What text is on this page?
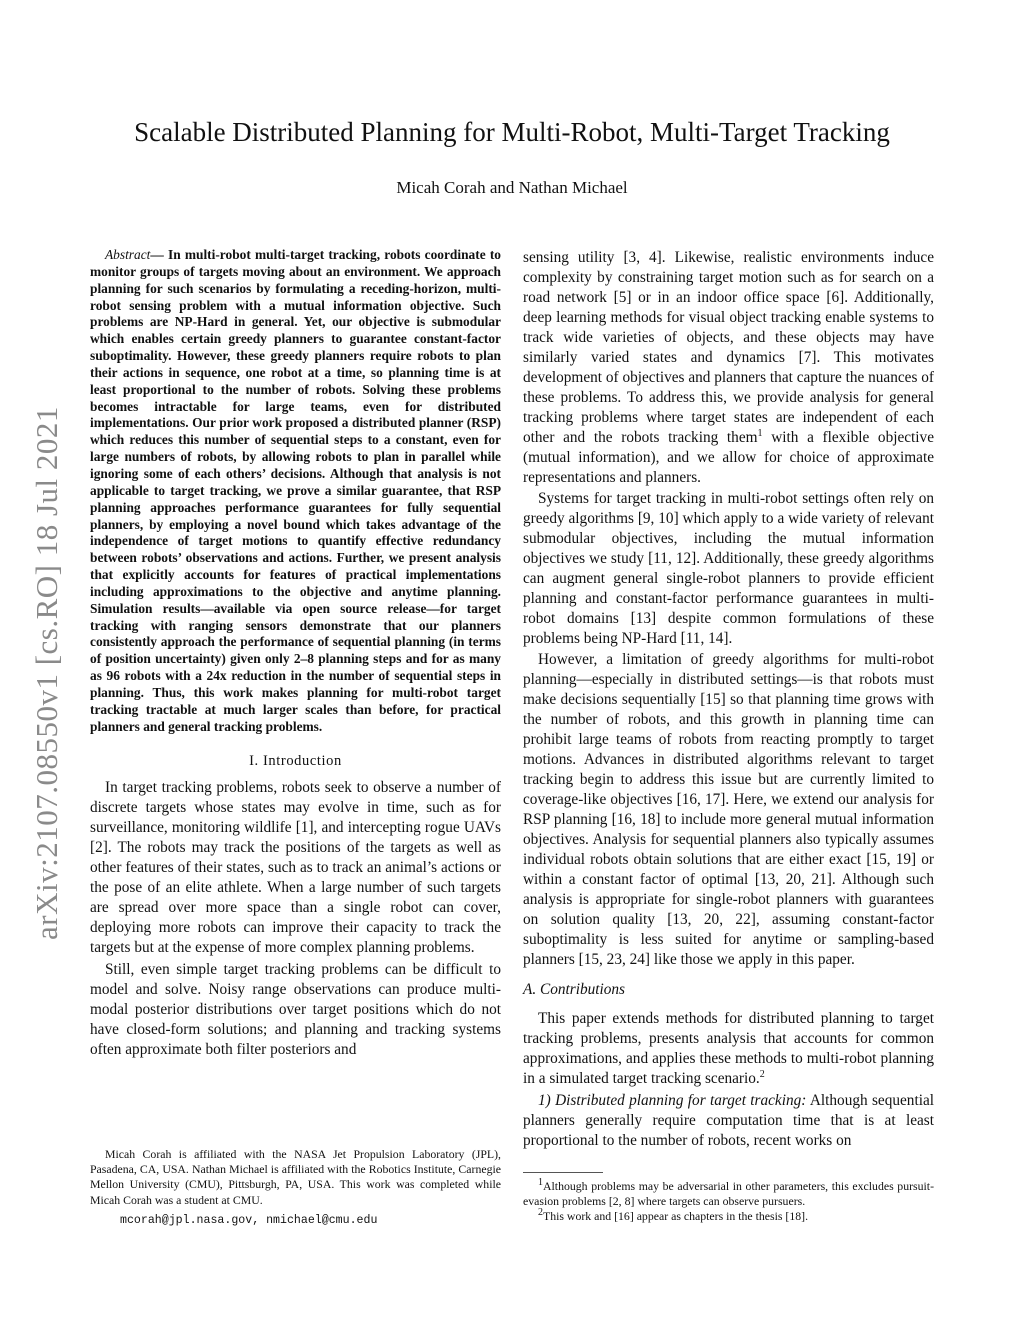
arXiv:2107.08550v1 [cs.RO] 18 Jul 2021
Scalable Distributed Planning for Multi-Robot, Multi-Target Tracking
Micah Corah and Nathan Michael

Abstract— In multi-robot multi-target tracking, robots coordinate to monitor groups of targets moving about an environment. We approach planning for such scenarios by formulating a receding-horizon, multi-robot sensing problem with a mutual information objective. Such problems are NP-Hard in general. Yet, our objective is submodular which enables certain greedy planners to guarantee constant-factor suboptimality. However, these greedy planners require robots to plan their actions in sequence, one robot at a time, so planning time is at least proportional to the number of robots. Solving these problems becomes intractable for large teams, even for distributed implementations. Our prior work proposed a distributed planner (RSP) which reduces this number of sequential steps to a constant, even for large numbers of robots, by allowing robots to plan in parallel while ignoring some of each others’ decisions. Although that analysis is not applicable to target tracking, we prove a similar guarantee, that RSP planning approaches performance guarantees for fully sequential planners, by employing a novel bound which takes advantage of the independence of target motions to quantify effective redundancy between robots’ observations and actions. Further, we present analysis that explicitly accounts for features of practical implementations including approximations to the objective and anytime planning. Simulation results—available via open source release—for target tracking with ranging sensors demonstrate that our planners consistently approach the performance of sequential planning (in terms of position uncertainty) given only 2–8 planning steps and for as many as 96 robots with a 24x reduction in the number of sequential steps in planning. Thus, this work makes planning for multi-robot target tracking tractable at much larger scales than before, for practical planners and general tracking problems.

I. Introduction

In target tracking problems, robots seek to observe a number of discrete targets whose states may evolve in time, such as for surveillance, monitoring wildlife [1], and intercepting rogue UAVs [2]. The robots may track the positions of the targets as well as other features of their states, such as to track an animal’s actions or the pose of an elite athlete. When a large number of such targets are spread over more space than a single robot can cover, deploying more robots can improve their capacity to track the targets but at the expense of more complex planning problems.

Still, even simple target tracking problems can be difficult to model and solve. Noisy range observations can produce multi-modal posterior distributions over target positions which do not have closed-form solutions; and planning and tracking systems often approximate both filter posteriors and

Micah Corah is affiliated with the NASA Jet Propulsion Laboratory (JPL), Pasadena, CA, USA. Nathan Michael is affiliated with the Robotics Institute, Carnegie Mellon University (CMU), Pittsburgh, PA, USA. This work was completed while Micah Corah was a student at CMU.
mcorah@jpl.nasa.gov, nmichael@cmu.edu

sensing utility [3, 4]. Likewise, realistic environments induce complexity by constraining target motion such as for search on a road network [5] or in an indoor office space [6]. Additionally, deep learning methods for visual object tracking enable systems to track wide varieties of objects, and these objects may have similarly varied states and dynamics [7]. This motivates development of objectives and planners that capture the nuances of these problems. To address this, we provide analysis for general tracking problems where target states are independent of each other and the robots tracking them$^1$ with a flexible objective (mutual information), and we allow for choice of approximate representations and planners.

Systems for target tracking in multi-robot settings often rely on greedy algorithms [9, 10] which apply to a wide variety of relevant submodular objectives, including the mutual information objectives we study [11, 12]. Additionally, these greedy algorithms can augment general single-robot planners to provide efficient planning and constant-factor performance guarantees in multi-robot domains [13] despite common formulations of these problems being NP-Hard [11, 14].

However, a limitation of greedy algorithms for multi-robot planning—especially in distributed settings—is that robots must make decisions sequentially [15] so that planning time grows with the number of robots, and this growth in planning time can prohibit large teams of robots from reacting promptly to target motions. Advances in distributed algorithms relevant to target tracking begin to address this issue but are currently limited to coverage-like objectives [16, 17]. Here, we extend our analysis for RSP planning [16, 18] to include more general mutual information objectives. Analysis for sequential planners also typically assumes individual robots obtain solutions that are either exact [15, 19] or within a constant factor of optimal [13, 20, 21]. Although such analysis is appropriate for single-robot planners with guarantees on solution quality [13, 20, 22], assuming constant-factor suboptimality is less suited for anytime or sampling-based planners [15, 23, 24] like those we apply in this paper.

A. Contributions

This paper extends methods for distributed planning to target tracking problems, presents analysis that accounts for common approximations, and applies these methods to multi-robot planning in a simulated target tracking scenario.$^2$

1) Distributed planning for target tracking: Although sequential planners generally require computation time that is at least proportional to the number of robots, recent works on

$^1$Although problems may be adversarial in other parameters, this excludes pursuit-evasion problems [2, 8] where targets can observe pursuers.

$^2$This work and [16] appear as chapters in the thesis [18].
